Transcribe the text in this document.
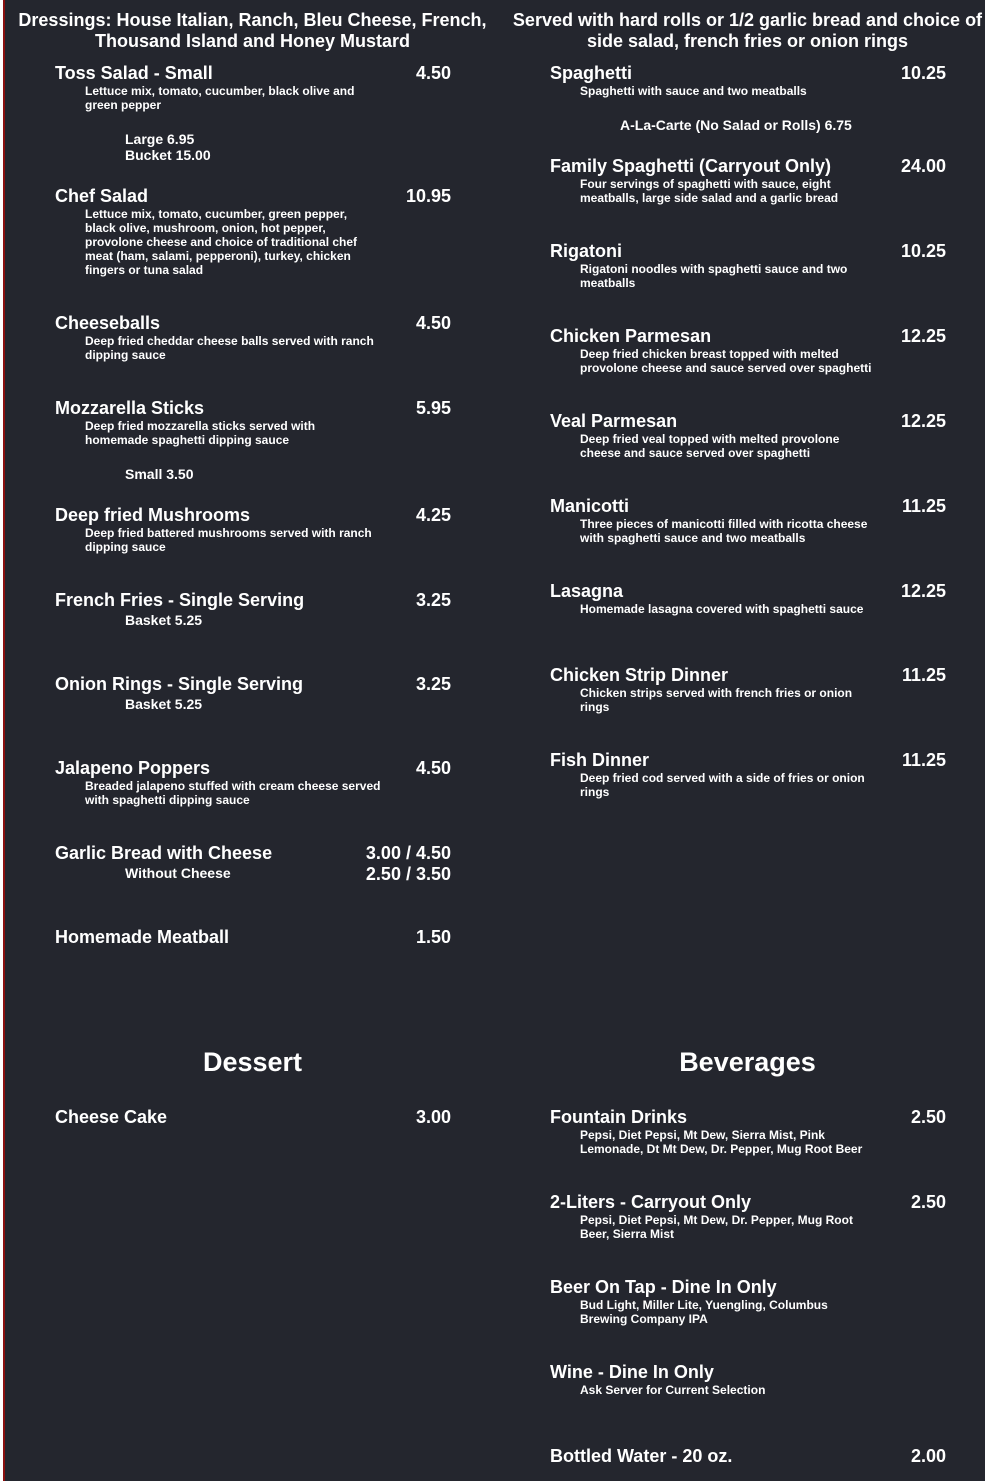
Dressings: House Italian, Ranch, Bleu Cheese, French, Thousand Island and Honey Mustard
Toss Salad - Small	4.50
Lettuce mix, tomato, cucumber, black olive and green pepper
Large 6.95
Bucket 15.00
Chef Salad	10.95
Lettuce mix, tomato, cucumber, green pepper, black olive, mushroom, onion, hot pepper, provolone cheese and choice of traditional chef meat (ham, salami, pepperoni), turkey, chicken fingers or tuna salad
Cheeseballs	4.50
Deep fried cheddar cheese balls served with ranch dipping sauce
Mozzarella Sticks	5.95
Deep fried mozzarella sticks served with homemade spaghetti dipping sauce
Small 3.50
Deep fried Mushrooms	4.25
Deep fried battered mushrooms served with ranch dipping sauce
French Fries - Single Serving	3.25
Basket 5.25
Onion Rings - Single Serving	3.25
Basket 5.25
Jalapeno Poppers	4.50
Breaded jalapeno stuffed with cream cheese served with spaghetti dipping sauce
Garlic Bread with Cheese	3.00 / 4.50
Without Cheese	2.50 / 3.50
Homemade Meatball	1.50
Dessert
Cheese Cake	3.00
Served with hard rolls or 1/2 garlic bread and choice of side salad, french fries or onion rings
Spaghetti	10.25
Spaghetti with sauce and two meatballs
A-La-Carte (No Salad or Rolls) 6.75
Family Spaghetti (Carryout Only)	24.00
Four servings of spaghetti with sauce, eight meatballs, large side salad and a garlic bread
Rigatoni	10.25
Rigatoni noodles with spaghetti sauce and two meatballs
Chicken Parmesan	12.25
Deep fried chicken breast topped with melted provolone cheese and sauce served over spaghetti
Veal Parmesan	12.25
Deep fried veal topped with melted provolone cheese and sauce served over spaghetti
Manicotti	11.25
Three pieces of manicotti filled with ricotta cheese with spaghetti sauce and two meatballs
Lasagna	12.25
Homemade lasagna covered with spaghetti sauce
Chicken Strip Dinner	11.25
Chicken strips served with french fries or onion rings
Fish Dinner	11.25
Deep fried cod served with a side of fries or onion rings
Beverages
Fountain Drinks	2.50
Pepsi, Diet Pepsi, Mt Dew, Sierra Mist, Pink Lemonade, Dt Mt Dew, Dr. Pepper, Mug Root Beer
2-Liters - Carryout Only	2.50
Pepsi, Diet Pepsi, Mt Dew, Dr. Pepper, Mug Root Beer, Sierra Mist
Beer On Tap - Dine In Only
Bud Light, Miller Lite, Yuengling, Columbus Brewing Company IPA
Wine - Dine In Only
Ask Server for Current Selection
Bottled Water - 20 oz.	2.00
